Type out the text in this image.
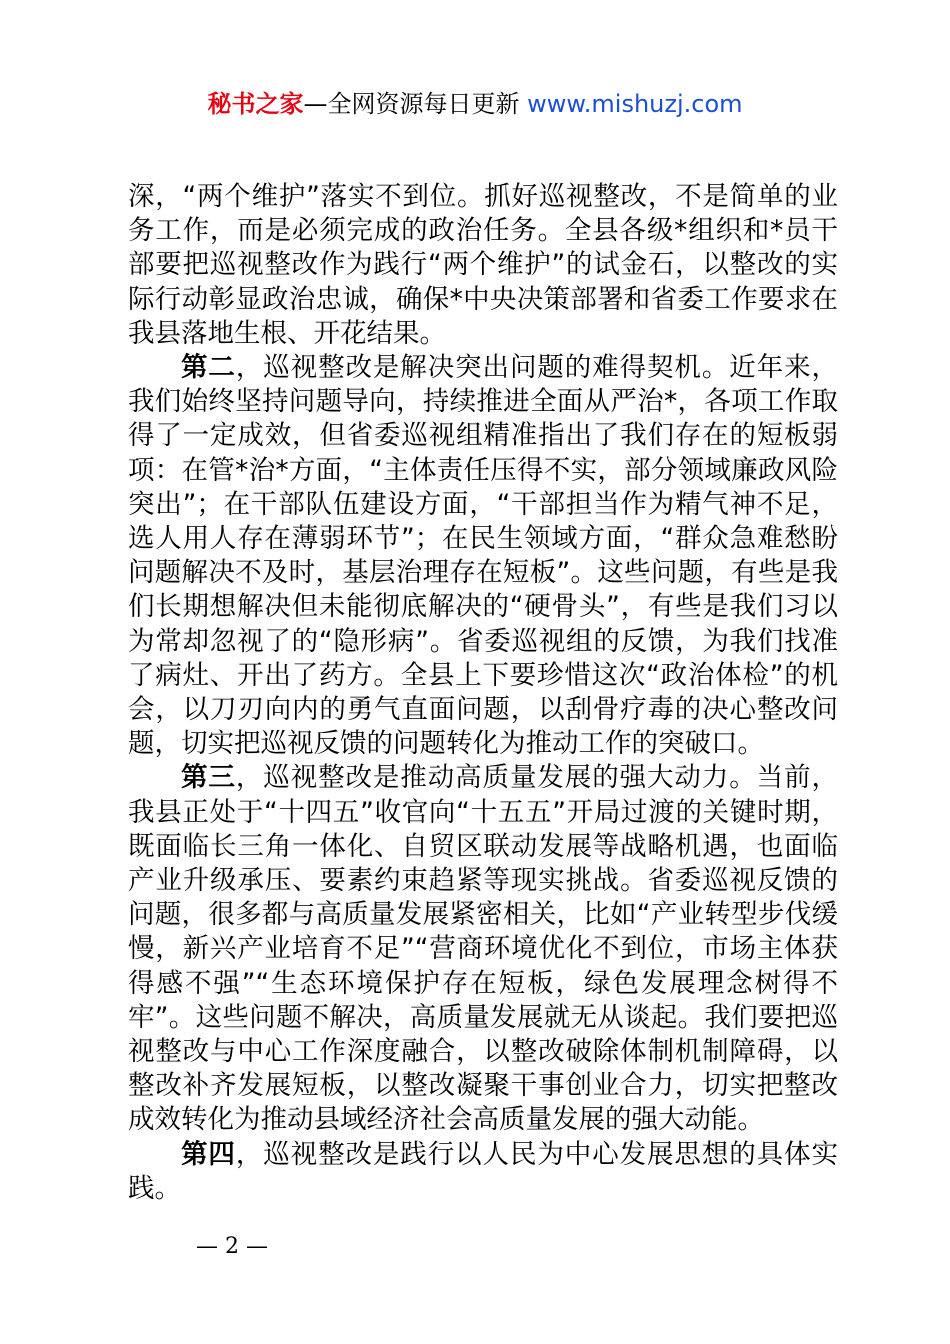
秘书之家—全网资源每日更新 www.mishuzj.com

深，“两个维护”落实不到位。抓好巡视整改，不是简单的业务工作，而是必须完成的政治任务。全县各级*组织和*员干部要把巡视整改作为践行“两个维护”的试金石，以整改的实际行动彰显政治忠诚，确保*中央决策部署和省委工作要求在我县落地生根、开花结果。

第二，巡视整改是解决突出问题的难得契机。近年来，我们始终坚持问题导向，持续推进全面从严治*，各项工作取得了一定成效，但省委巡视组精准指出了我们存在的短板弱项：在管*治*方面，“主体责任压得不实，部分领域廉政风险突出”；在干部队伍建设方面，“干部担当作为精气神不足，选人用人存在薄弱环节”；在民生领域方面，“群众急难愁盼问题解决不及时，基层治理存在短板”。这些问题，有些是我们长期想解决但未能彻底解决的“硬骨头”，有些是我们习以为常却忽视了的“隐形病”。省委巡视组的反馈，为我们找准了病灶、开出了药方。全县上下要珍惜这次“政治体检”的机会，以刀刃向内的勇气直面问题，以刮骨疗毒的决心整改问题，切实把巡视反馈的问题转化为推动工作的突破口。

第三，巡视整改是推动高质量发展的强大动力。当前，我县正处于“十四五”收官向“十五五”开局过渡的关键时期，既面临长三角一体化、自贸区联动发展等战略机遇，也面临产业升级承压、要素约束趋紧等现实挑战。省委巡视反馈的问题，很多都与高质量发展紧密相关，比如“产业转型步伐缓慢，新兴产业培育不足”“营商环境优化不到位，市场主体获得感不强”“生态环境保护存在短板，绿色发展理念树得不牢”。这些问题不解决，高质量发展就无从谈起。我们要把巡视整改与中心工作深度融合，以整改破除体制机制障碍，以整改补齐发展短板，以整改凝聚干事创业合力，切实把整改成效转化为推动县域经济社会高质量发展的强大动能。

第四，巡视整改是践行以人民为中心发展思想的具体实践。

— 2 —
